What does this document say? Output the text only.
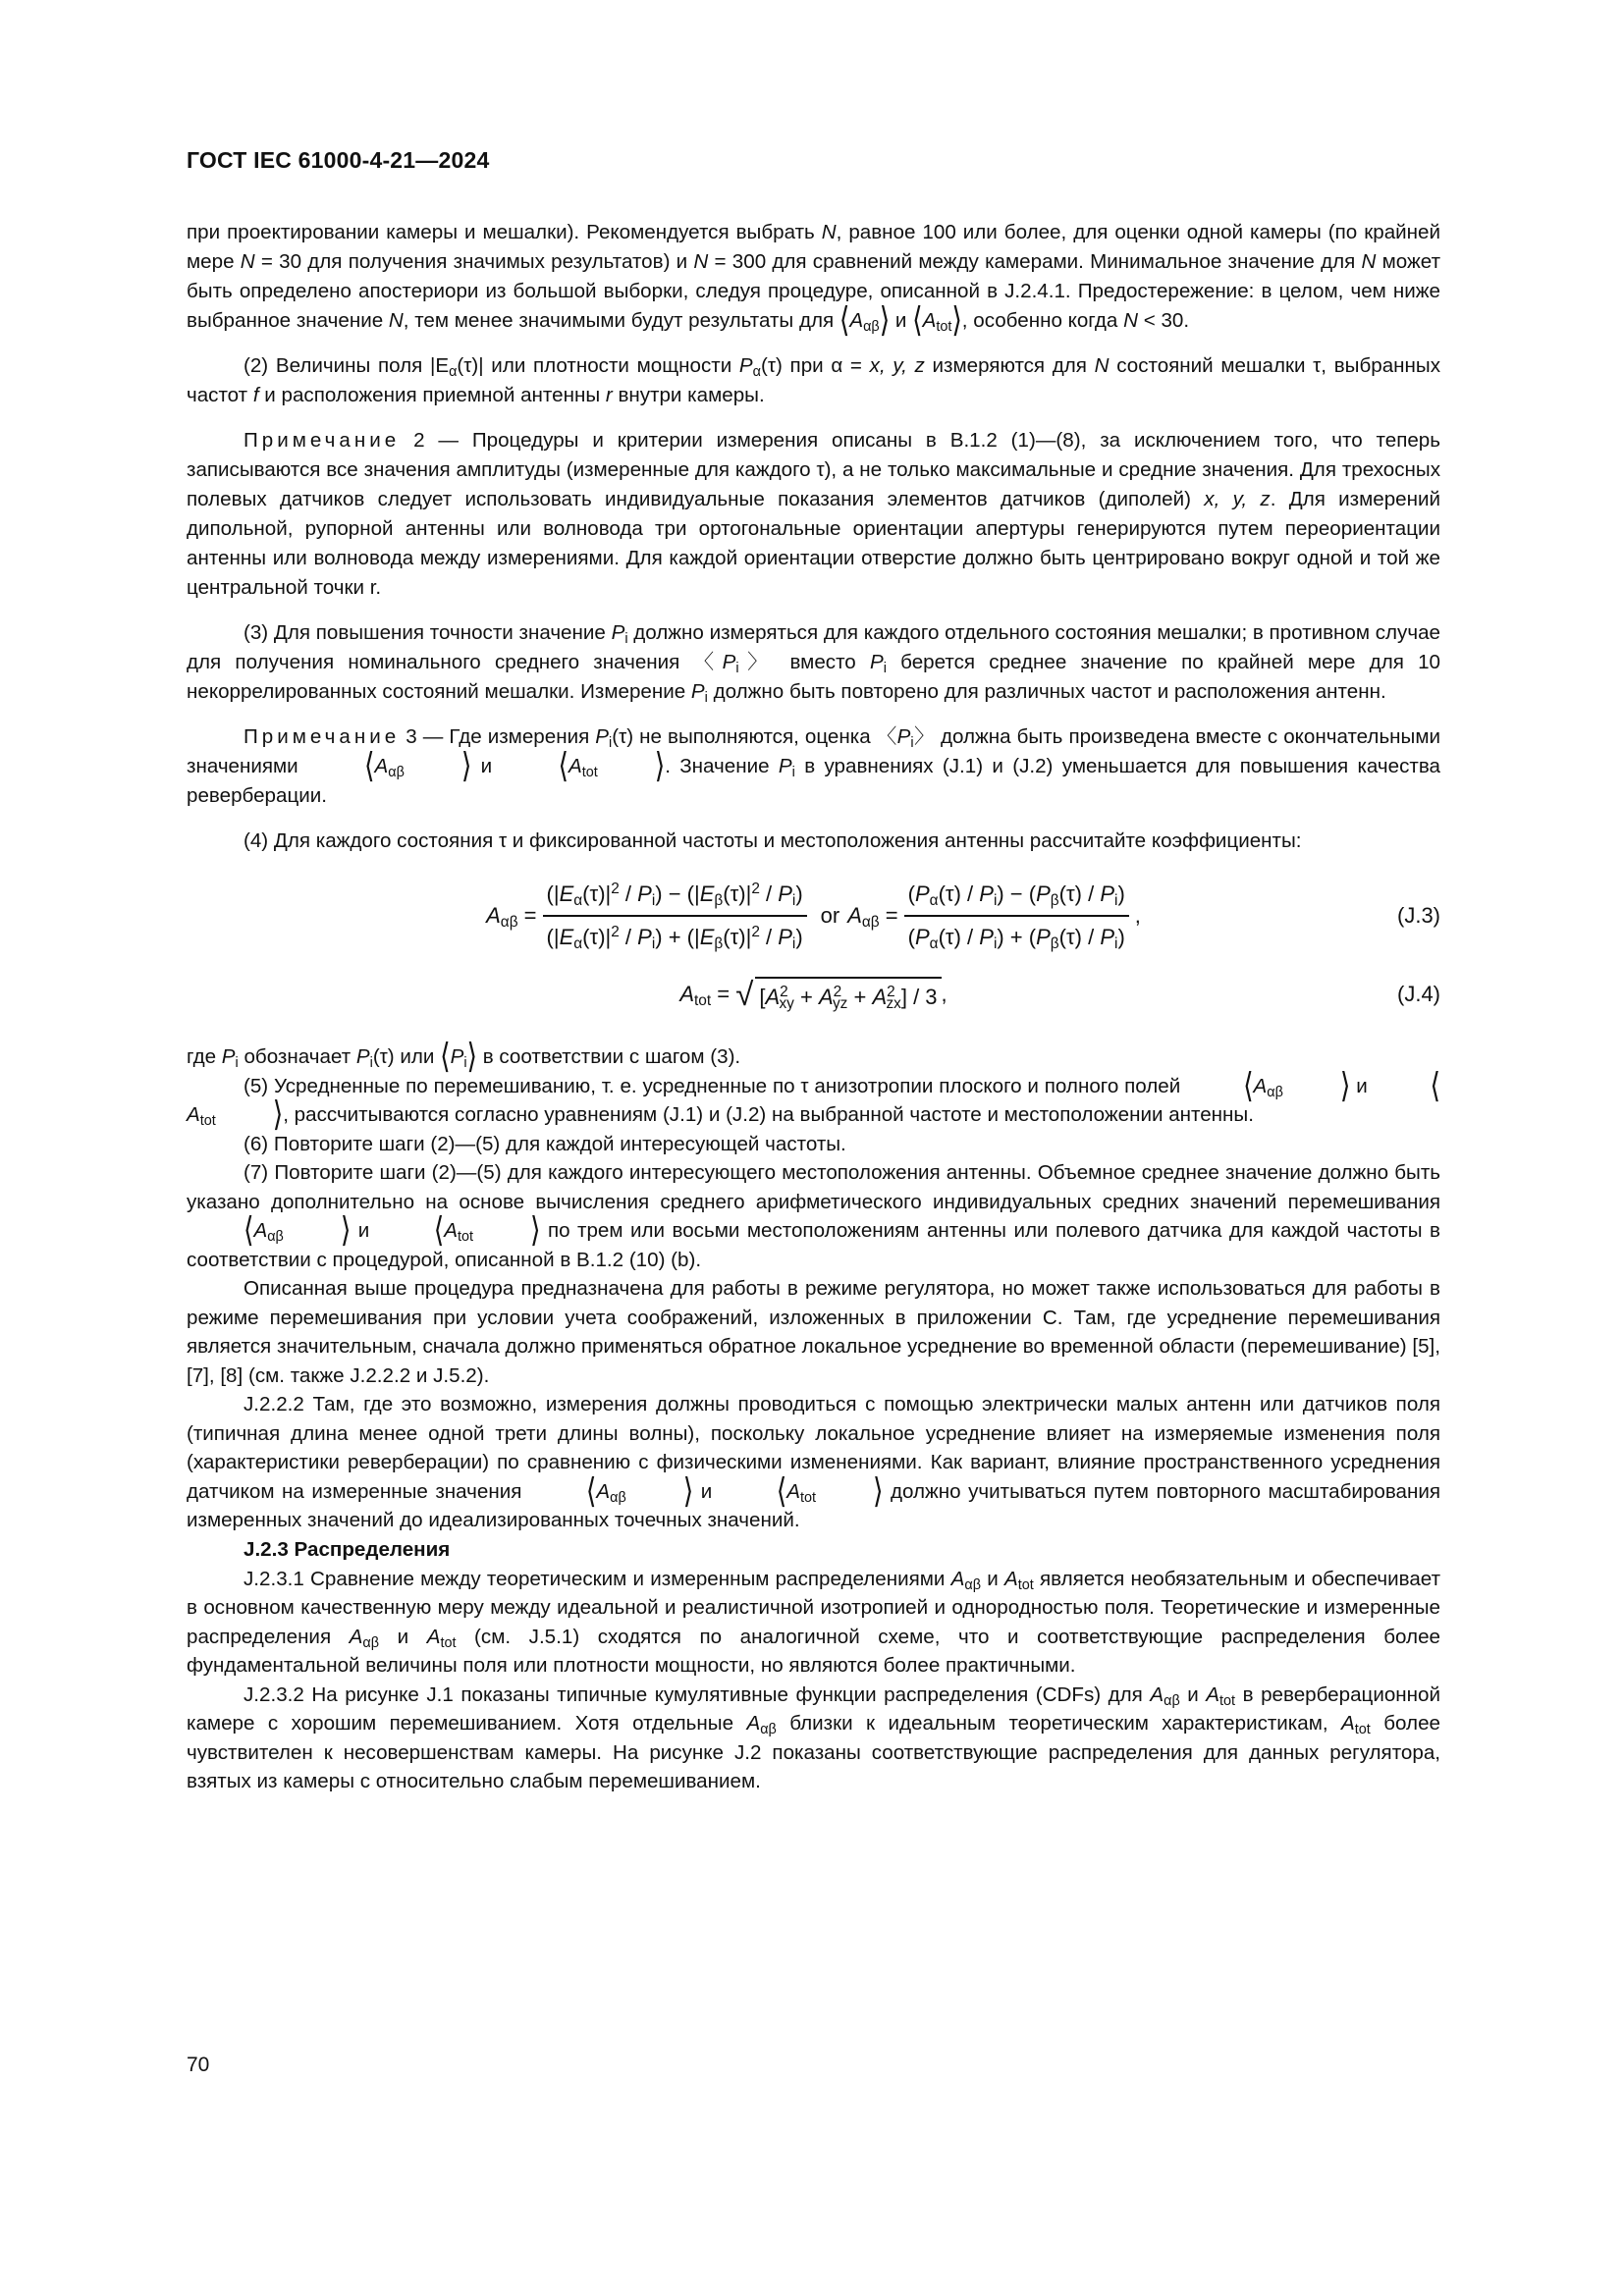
ГОСТ IEC 61000-4-21—2024

при проектировании камеры и мешалки). Рекомендуется выбрать N, равное 100 или более, для оценки одной камеры (по крайней мере N = 30 для получения значимых результатов) и N = 300 для сравнений между камерами. Минимальное значение для N может быть определено апостериори из большой выборки, следуя процедуре, описанной в J.2.4.1. Предостережение: в целом, чем ниже выбранное значение N, тем менее значимыми будут результаты для $⟨A_{\alpha\beta}⟩$ и $⟨A_{tot}⟩$, особенно когда N < 30.

(2) Величины поля $|E_\alpha(\tau)|$ или плотности мощности $P_\alpha(\tau)$ при α = x, y, z измеряются для N состояний мешалки τ, выбранных частот f и расположения приемной антенны r внутри камеры.

Примечание 2 — Процедуры и критерии измерения описаны в B.1.2 (1)—(8), за исключением того, что теперь записываются все значения амплитуды (измеренные для каждого τ), а не только максимальные и средние значения. Для трехосных полевых датчиков следует использовать индивидуальные показания элементов датчиков (диполей) x, y, z. Для измерений дипольной, рупорной антенны или волновода три ортогональные ориентации апертуры генерируются путем переориентации антенны или волновода между измерениями. Для каждой ориентации отверстие должно быть центрировано вокруг одной и той же центральной точки r.

(3) Для повышения точности значение $P_i$ должно измеряться для каждого отдельного состояния мешалки; в противном случае для получения номинального среднего значения 〈$P_i$〉 вместо $P_i$ берется среднее значение по крайней мере для 10 некоррелированных состояний мешалки. Измерение $P_i$ должно быть повторено для различных частот и расположения антенн.

Примечание 3 — Где измерения $P_i(\tau)$ не выполняются, оценка 〈$P_i$〉 должна быть произведена вместе с окончательными значениями $⟨A_{\alpha\beta}$ ⟩ и $⟨A_{tot}$ ⟩. Значение $P_i$ в уравнениях (J.1) и (J.2) уменьшается для повышения качества реверберации.

(4) Для каждого состояния τ и фиксированной частоты и местоположения антенны рассчитайте коэффициенты:

$A_{\alpha\beta} = \frac{(|E_\alpha(\tau)|^2 / P_i) - (|E_\beta(\tau)|^2 / P_i)}{(|E_\alpha(\tau)|^2 / P_i) + (|E_\beta(\tau)|^2 / P_i)}$ or $A_{\alpha\beta} = \frac{(P_\alpha(\tau) / P_i) - (P_\beta(\tau) / P_i)}{(P_\alpha(\tau) / P_i) + (P_\beta(\tau) / P_i)}$ ,	(J.3)
$A_{tot}$ = √ $[A^2_{xy} + A^2_{yz} + A^2_{zx}] / 3$ ,	(J.4)

где $P_i$ обозначает $P_i(\tau)$ или $⟨P_i⟩$ в соответствии с шагом (3).

(5) Усредненные по перемешиванию, т. е. усредненные по τ анизотропии плоского и полного полей $⟨A_{\alpha\beta}$ ⟩ и $⟨A_{tot}$ ⟩, рассчитываются согласно уравнениям (J.1) и (J.2) на выбранной частоте и местоположении антенны.

(6) Повторите шаги (2)—(5) для каждой интересующей частоты.

(7) Повторите шаги (2)—(5) для каждого интересующего местоположения антенны. Объемное среднее значение должно быть указано дополнительно на основе вычисления среднего арифметического индивидуальных средних значений перемешивания $⟨A_{\alpha\beta}$ ⟩ и $⟨A_{tot}$ ⟩ по трем или восьми местоположениям антенны или полевого датчика для каждой частоты в соответствии с процедурой, описанной в B.1.2 (10) (b).

Описанная выше процедура предназначена для работы в режиме регулятора, но может также использоваться для работы в режиме перемешивания при условии учета соображений, изложенных в приложении C. Там, где усреднение перемешивания является значительным, сначала должно применяться обратное локальное усреднение во временной области (перемешивание) [5], [7], [8] (см. также J.2.2.2 и J.5.2).

J.2.2.2 Там, где это возможно, измерения должны проводиться с помощью электрически малых антенн или датчиков поля (типичная длина менее одной трети длины волны), поскольку локальное усреднение влияет на измеряемые изменения поля (характеристики реверберации) по сравнению с физическими изменениями. Как вариант, влияние пространственного усреднения датчиком на измеренные значения $⟨A_{\alpha\beta}$ ⟩ и $⟨A_{tot}$ ⟩ должно учитываться путем повторного масштабирования измеренных значений до идеализированных точечных значений.

J.2.3 Распределения

J.2.3.1 Сравнение между теоретическим и измеренным распределениями $A_{\alpha\beta}$ и $A_{tot}$ является необязательным и обеспечивает в основном качественную меру между идеальной и реалистичной изотропией и однородностью поля. Теоретические и измеренные распределения $A_{\alpha\beta}$ и $A_{tot}$ (см. J.5.1) сходятся по аналогичной схеме, что и соответствующие распределения более фундаментальной величины поля или плотности мощности, но являются более практичными.

J.2.3.2 На рисунке J.1 показаны типичные кумулятивные функции распределения (CDFs) для $A_{\alpha\beta}$ и $A_{tot}$ в реверберационной камере с хорошим перемешиванием. Хотя отдельные $A_{\alpha\beta}$ близки к идеальным теоретическим характеристикам, $A_{tot}$ более чувствителен к несовершенствам камеры. На рисунке J.2 показаны соответствующие распределения для данных регулятора, взятых из камеры с относительно слабым перемешиванием.

70
